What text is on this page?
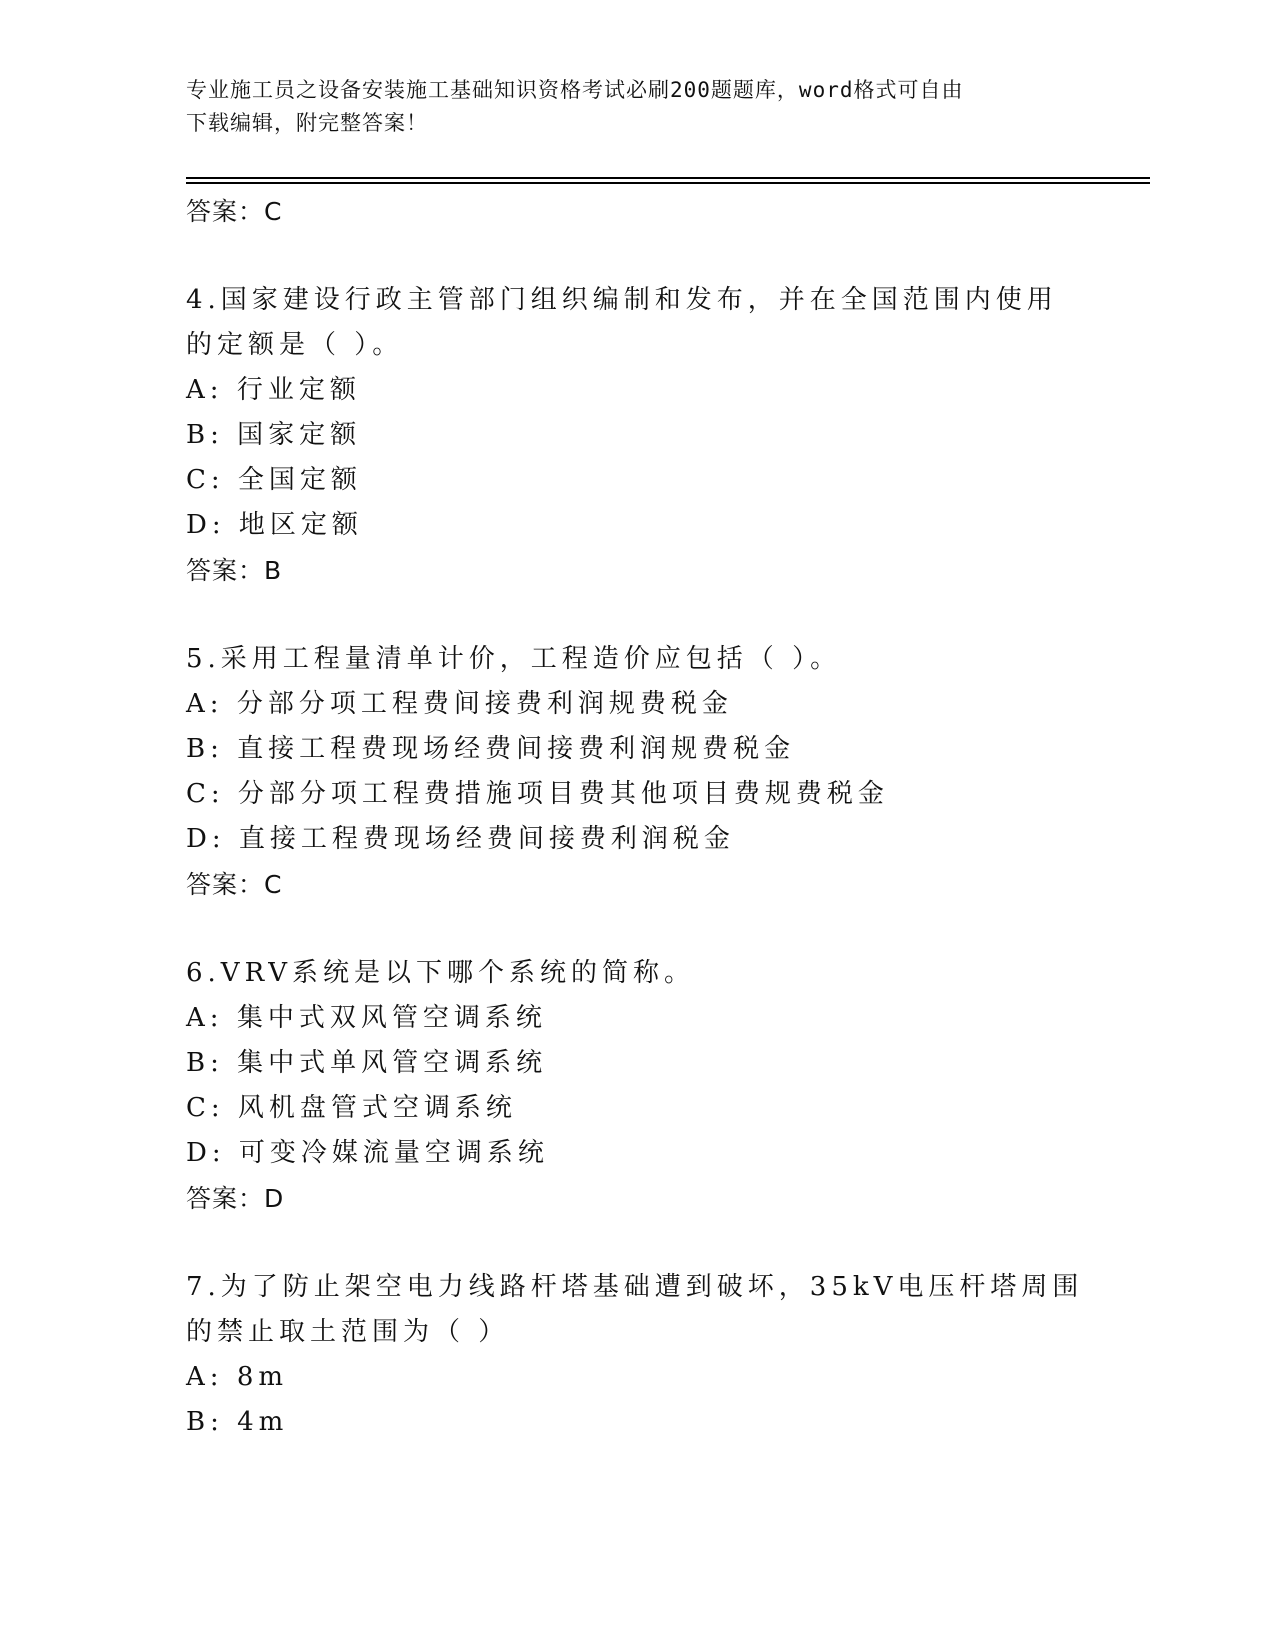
专业施工员之设备安装施工基础知识资格考试必刷200题题库，word格式可自由
下载编辑，附完整答案！
答案：C
4.国家建设行政主管部门组织编制和发布，并在全国范围内使用的定额是（ ）。
A: 行业定额
B: 国家定额
C: 全国定额
D: 地区定额
答案：B
5.采用工程量清单计价，工程造价应包括（ ）。
A: 分部分项工程费间接费利润规费税金
B: 直接工程费现场经费间接费利润规费税金
C: 分部分项工程费措施项目费其他项目费规费税金
D: 直接工程费现场经费间接费利润税金
答案：C
6.VRV系统是以下哪个系统的简称。
A: 集中式双风管空调系统
B: 集中式单风管空调系统
C: 风机盘管式空调系统
D: 可变冷媒流量空调系统
答案：D
7.为了防止架空电力线路杆塔基础遭到破坏，35kV电压杆塔周围的禁止取土范围为（ ）
A: 8m
B: 4m
